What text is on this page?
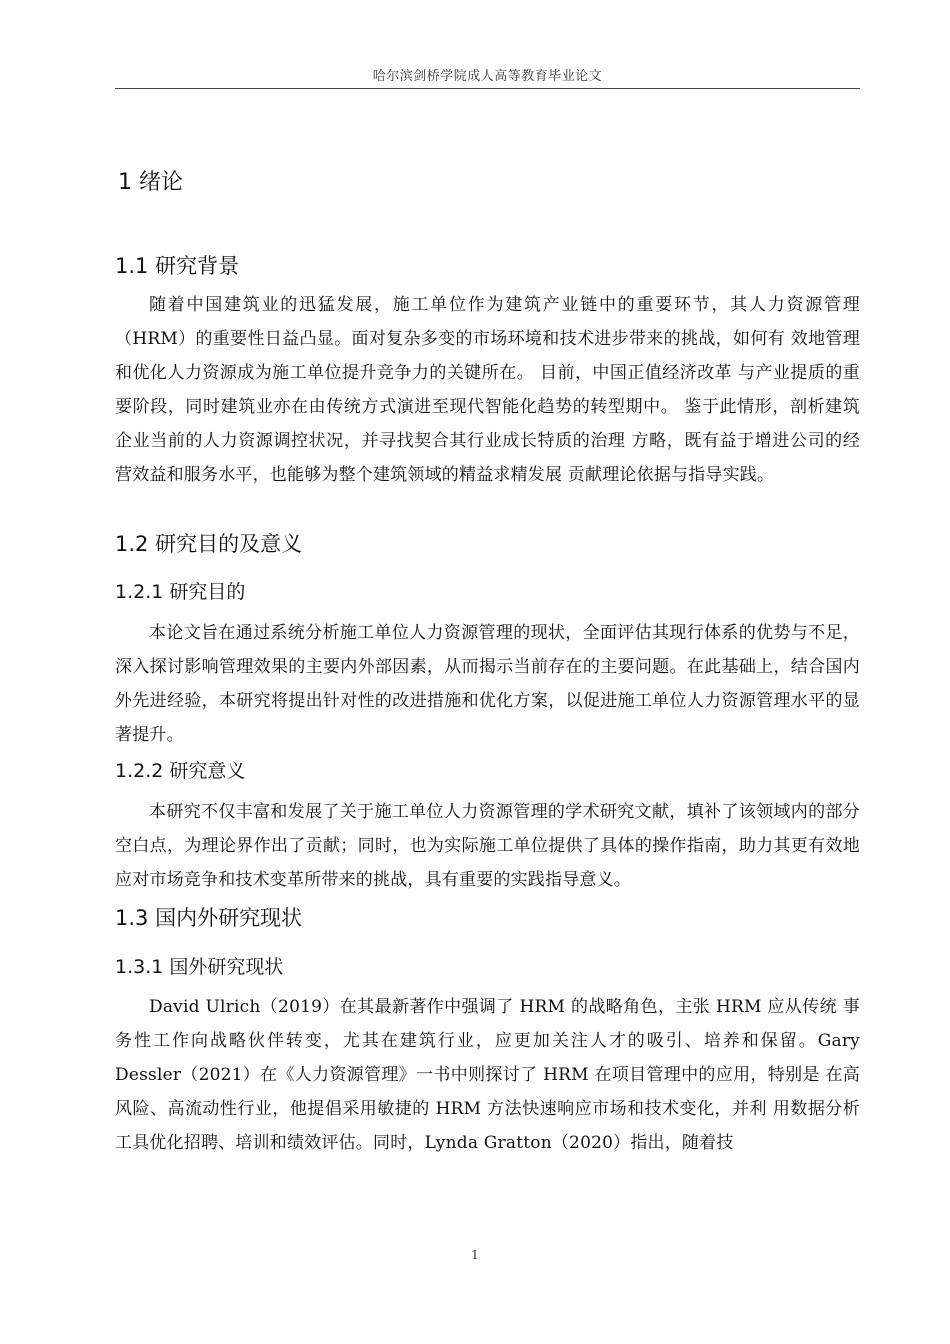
哈尔滨剑桥学院成人高等教育毕业论文
1 绪论
1.1 研究背景

随着中国建筑业的迅猛发展，施工单位作为建筑产业链中的重要环节，其人力资源管理（HRM）的重要性日益凸显。面对复杂多变的市场环境和技术进步带来的挑战，如何有 效地管理和优化人力资源成为施工单位提升竞争力的关键所在。 目前，中国正值经济改革 与产业提质的重要阶段，同时建筑业亦在由传统方式演进至现代智能化趋势的转型期中。 鉴于此情形，剖析建筑企业当前的人力资源调控状况，并寻找契合其行业成长特质的治理 方略，既有益于增进公司的经营效益和服务水平，也能够为整个建筑领域的精益求精发展 贡献理论依据与指导实践。

1.2 研究目的及意义
1.2.1 研究目的

本论文旨在通过系统分析施工单位人力资源管理的现状，全面评估其现行体系的优势与不足，深入探讨影响管理效果的主要内外部因素，从而揭示当前存在的主要问题。在此基础上，结合国内外先进经验，本研究将提出针对性的改进措施和优化方案，以促进施工单位人力资源管理水平的显著提升。

1.2.2 研究意义

本研究不仅丰富和发展了关于施工单位人力资源管理的学术研究文献，填补了该领域内的部分空白点，为理论界作出了贡献；同时，也为实际施工单位提供了具体的操作指南，助力其更有效地应对市场竞争和技术变革所带来的挑战，具有重要的实践指导意义。

1.3 国内外研究现状
1.3.1 国外研究现状

David Ulrich（2019）在其最新著作中强调了 HRM 的战略角色，主张 HRM 应从传统 事务性工作向战略伙伴转变，尤其在建筑行业，应更加关注人才的吸引、培养和保留。Gary Dessler（2021）在《人力资源管理》一书中则探讨了 HRM 在项目管理中的应用，特别是 在高风险、高流动性行业，他提倡采用敏捷的 HRM 方法快速响应市场和技术变化，并利 用数据分析工具优化招聘、培训和绩效评估。同时，Lynda Gratton（2020）指出，随着技

1
